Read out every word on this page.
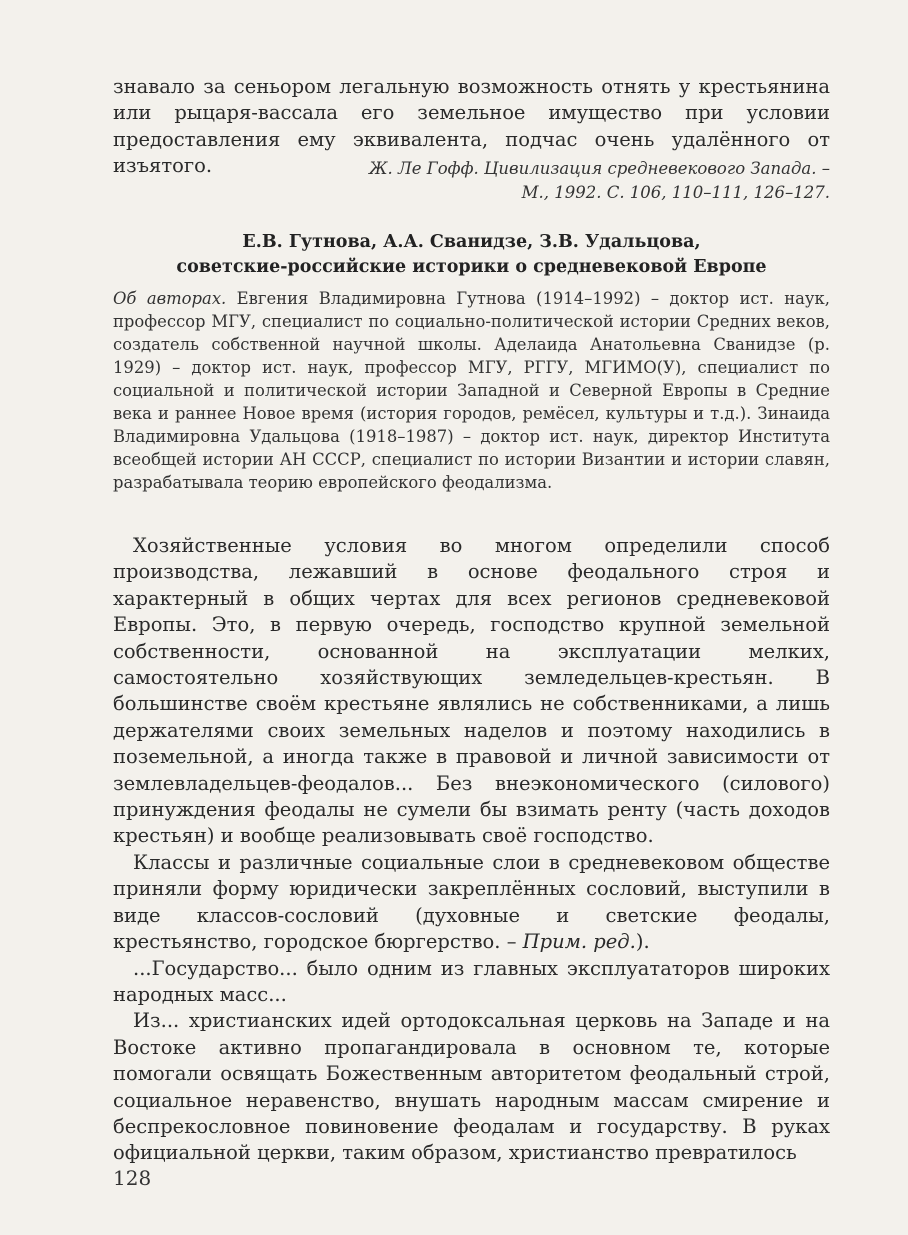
знавало за сеньором легальную возможность отнять у крестьянина или рыцаря-вассала его земельное имущество при условии предоставления ему эквивалента, подчас очень удалённого от изъятого.	Ж. Ле Гофф. Цивилизация средневекового Запада. –
М., 1992. С. 106, 110–111, 126–127.
Е.В. Гутнова, А.А. Сванидзе, З.В. Удальцова,
советские-российские историки о средневековой Европе
Об авторах. Евгения Владимировна Гутнова (1914–1992) – доктор ист. наук, профессор МГУ, специалист по социально-политической истории Средних веков, создатель собственной научной школы. Аделаида Анатольевна Сванидзе (р. 1929) – доктор ист. наук, профессор МГУ, РГГУ, МГИМО(У), специалист по социальной и политической истории Западной и Северной Европы в Средние века и раннее Новое время (история городов, ремёсел, культуры и т.д.). Зинаида Владимировна Удальцова (1918–1987) – доктор ист. наук, директор Института всеобщей истории АН СССР, специалист по истории Византии и истории славян, разрабатывала теорию европейского феодализма.

Хозяйственные условия во многом определили способ производства, лежавший в основе феодального строя и характерный в общих чертах для всех регионов средневековой Европы. Это, в первую очередь, господство крупной земельной собственности, основанной на эксплуатации мелких, самостоятельно хозяйствующих земледельцев-крестьян. В большинстве своём крестьяне являлись не собственниками, а лишь держателями своих земельных наделов и поэтому находились в поземельной, а иногда также в правовой и личной зависимости от землевладельцев-феодалов... Без внеэкономического (силового) принуждения феодалы не сумели бы взимать ренту (часть доходов крестьян) и вообще реализовывать своё господство.

Классы и различные социальные слои в средневековом обществе приняли форму юридически закреплённых сословий, выступили в виде классов-сословий (духовные и светские феодалы, крестьянство, городское бюргерство. – Прим. ред.).

...Государство... было одним из главных эксплуататоров широких народных масс...

Из... христианских идей ортодоксальная церковь на Западе и на Востоке активно пропагандировала в основном те, которые помогали освящать Божественным авторитетом феодальный строй, социальное неравенство, внушать народным массам смирение и беспрекословное повиновение феодалам и государству. В руках официальной церкви, таким образом, христианство превратилось

128
